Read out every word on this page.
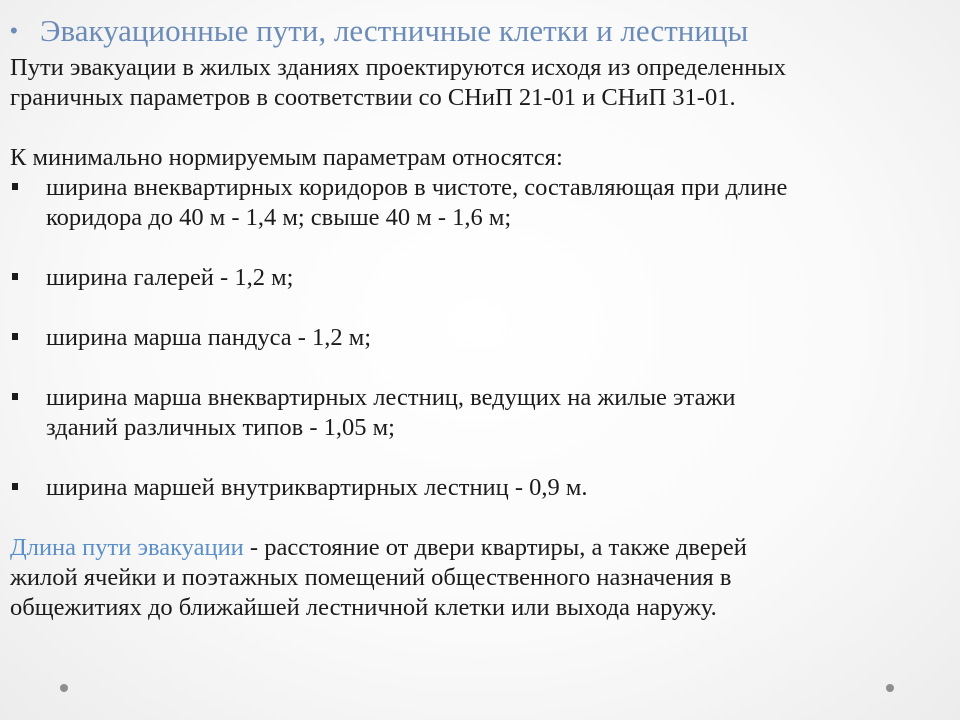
• Эвакуационные пути, лестничные клетки и лестницы

Пути эвакуации в жилых зданиях проектируются исходя из определенных
граничных параметров в соответствии со СНиП 21-01 и СНиП 31-01.

К минимально нормируемым параметрам относятся:

ширина внеквартирных коридоров в чистоте, составляющая при длине
коридора до 40 м - 1,4 м; свыше 40 м - 1,6 м;
ширина галерей - 1,2 м;
ширина марша пандуса - 1,2 м;
ширина марша внеквартирных лестниц, ведущих на жилые этажи
зданий различных типов - 1,05 м;
ширина маршей внутриквартирных лестниц - 0,9 м.

Длина пути эвакуации - расстояние от двери квартиры, а также дверей
жилой ячейки и поэтажных помещений общественного назначения в
общежитиях до ближайшей лестничной клетки или выхода наружу.
